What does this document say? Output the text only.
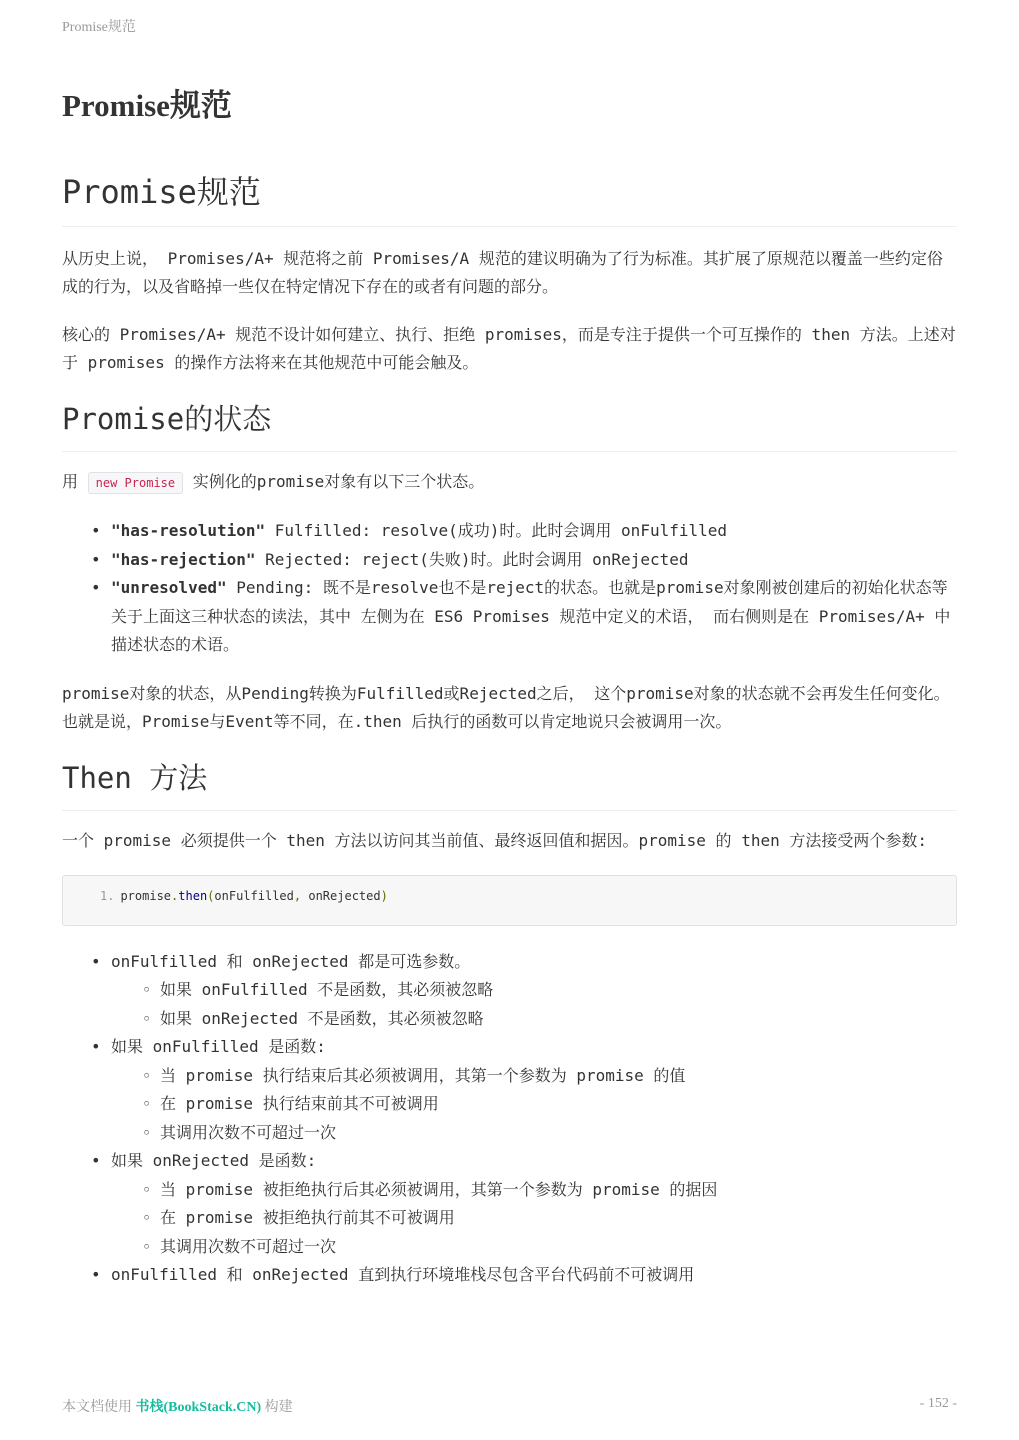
Promise规范
Promise规范
Promise规范

从历史上说， Promises/A+ 规范将之前 Promises/A 规范的建议明确为了行为标准。其扩展了原规范以覆盖一些约定俗成的行为，以及省略掉一些仅在特定情况下存在的或者有问题的部分。

核心的 Promises/A+ 规范不设计如何建立、执行、拒绝 promises，而是专注于提供一个可互操作的 then 方法。上述对于 promises 的操作方法将来在其他规范中可能会触及。

Promise的状态

用 new Promise 实例化的promise对象有以下三个状态。

• "has-resolution" Fulfilled: resolve(成功)时。此时会调用 onFulfilled
• "has-rejection" Rejected: reject(失败)时。此时会调用 onRejected
• "unresolved" Pending: 既不是resolve也不是reject的状态。也就是promise对象刚被创建后的初始化状态等
关于上面这三种状态的读法，其中 左侧为在 ES6 Promises 规范中定义的术语， 而右侧则是在 Promises/A+ 中描述状态的术语。

promise对象的状态，从Pending转换为Fulfilled或Rejected之后， 这个promise对象的状态就不会再发生任何变化。也就是说，Promise与Event等不同，在.then 后执行的函数可以肯定地说只会被调用一次。

Then 方法

一个 promise 必须提供一个 then 方法以访问其当前值、最终返回值和据因。promise 的 then 方法接受两个参数:

1. promise.then(onFulfilled, onRejected)
• onFulfilled 和 onRejected 都是可选参数。
◦ 如果 onFulfilled 不是函数，其必须被忽略
◦ 如果 onRejected 不是函数，其必须被忽略
• 如果 onFulfilled 是函数:
◦ 当 promise 执行结束后其必须被调用，其第一个参数为 promise 的值
◦ 在 promise 执行结束前其不可被调用
◦ 其调用次数不可超过一次
• 如果 onRejected 是函数:
◦ 当 promise 被拒绝执行后其必须被调用，其第一个参数为 promise 的据因
◦ 在 promise 被拒绝执行前其不可被调用
◦ 其调用次数不可超过一次
• onFulfilled 和 onRejected 直到执行环境堆栈尽包含平台代码前不可被调用
本文档使用 书栈(BookStack.CN) 构建	- 152 -
